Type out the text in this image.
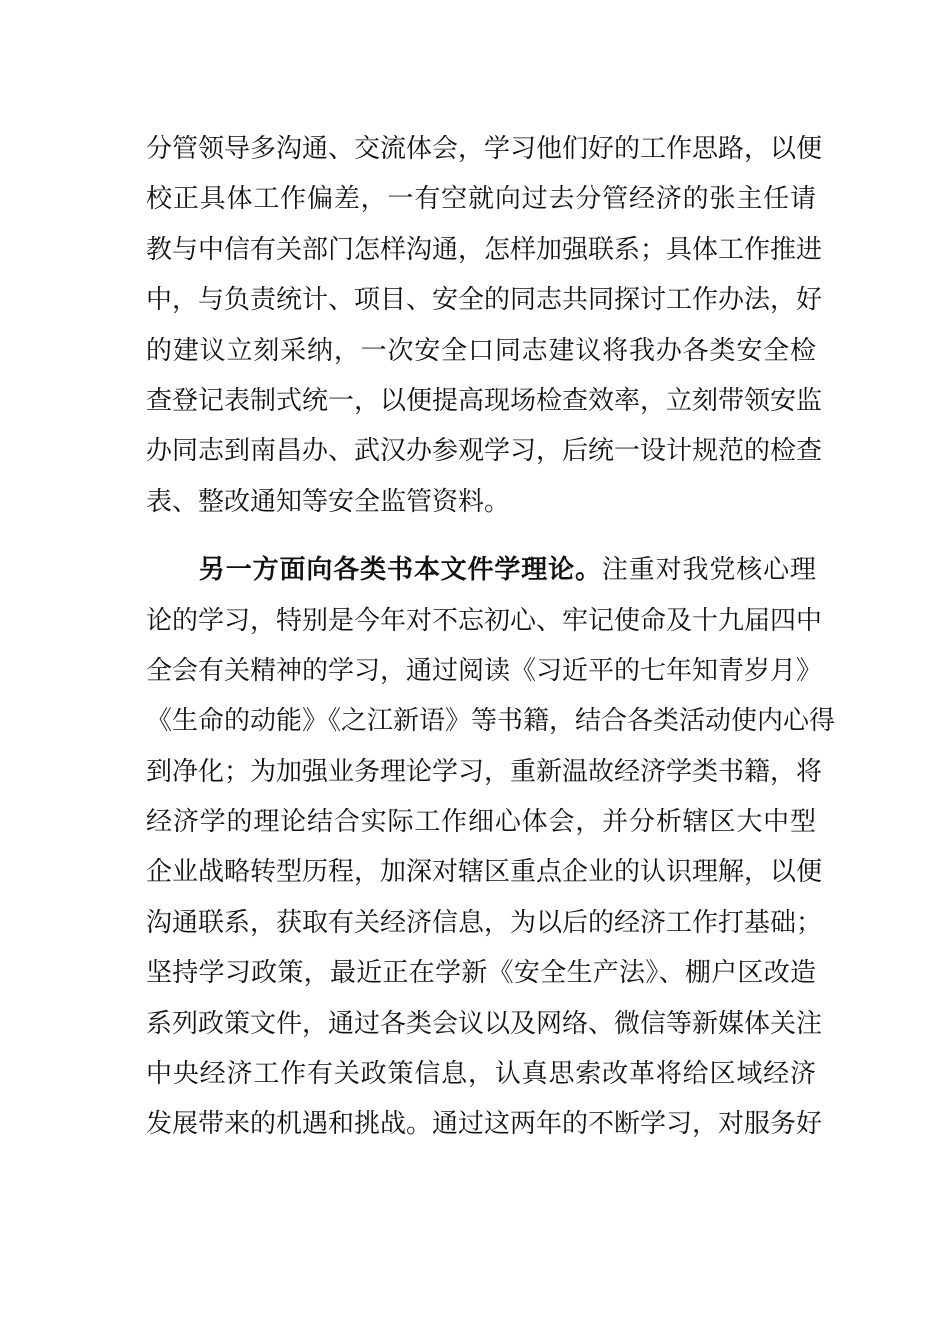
分管领导多沟通、交流体会，学习他们好的工作思路，以便
校正具体工作偏差，一有空就向过去分管经济的张主任请
教与中信有关部门怎样沟通，怎样加强联系；具体工作推进
中，与负责统计、项目、安全的同志共同探讨工作办法，好
的建议立刻采纳，一次安全口同志建议将我办各类安全检
查登记表制式统一，以便提高现场检查效率，立刻带领安监
办同志到南昌办、武汉办参观学习，后统一设计规范的检查
表、整改通知等安全监管资料。
另一方面向各类书本文件学理论。注重对我党核心理
论的学习，特别是今年对不忘初心、牢记使命及十九届四中
全会有关精神的学习，通过阅读《习近平的七年知青岁月》
《生命的动能》《之江新语》等书籍，结合各类活动使内心得
到净化；为加强业务理论学习，重新温故经济学类书籍，将
经济学的理论结合实际工作细心体会，并分析辖区大中型
企业战略转型历程，加深对辖区重点企业的认识理解，以便
沟通联系，获取有关经济信息，为以后的经济工作打基础；
坚持学习政策，最近正在学新《安全生产法》、棚户区改造
系列政策文件，通过各类会议以及网络、微信等新媒体关注
中央经济工作有关政策信息，认真思索改革将给区域经济
发展带来的机遇和挑战。通过这两年的不断学习，对服务好
